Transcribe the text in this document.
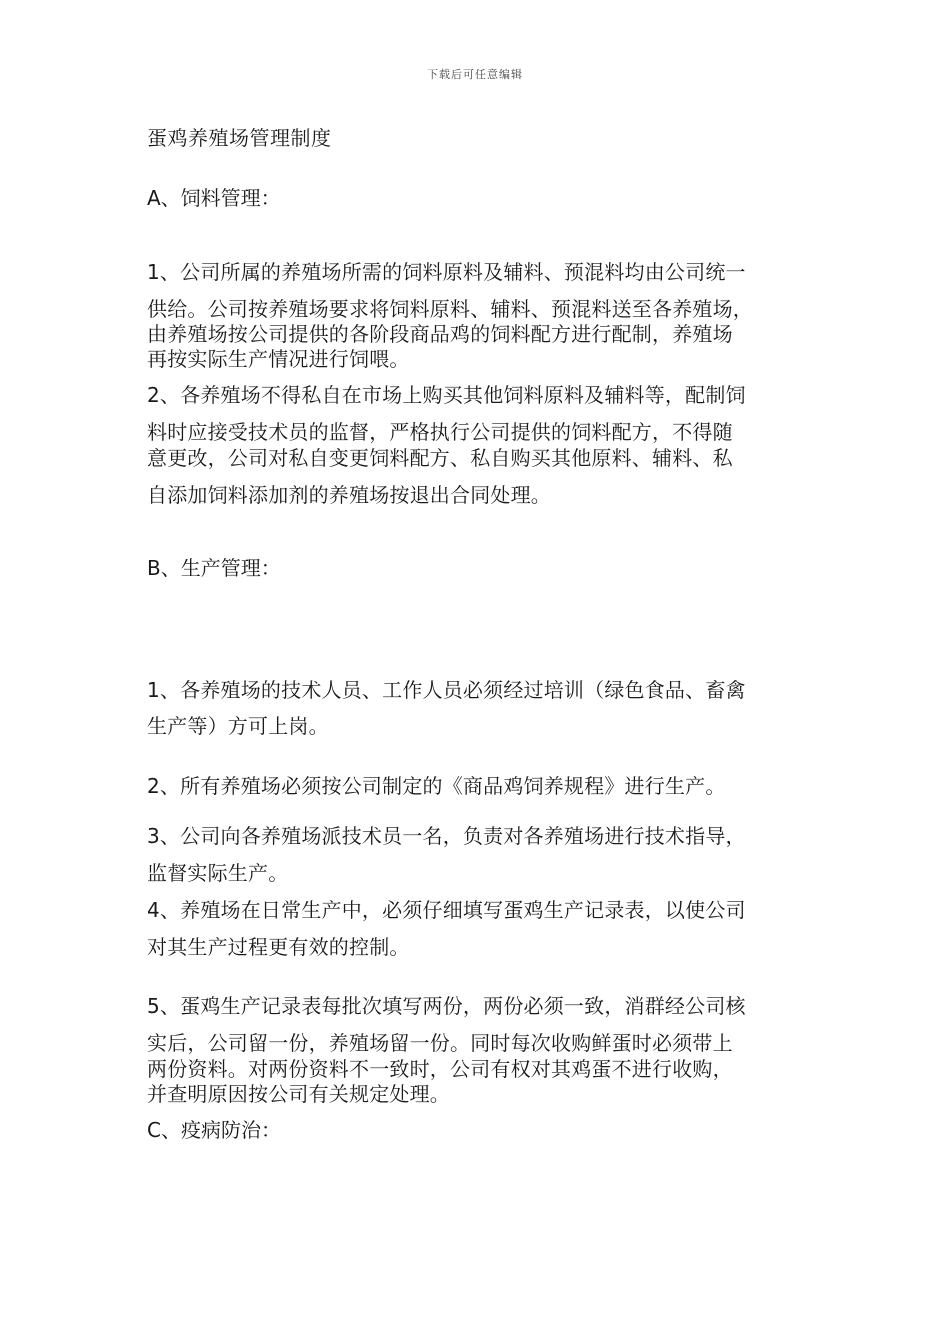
下载后可任意编辑
蛋鸡养殖场管理制度
A、饲料管理：
1、公司所属的养殖场所需的饲料原料及辅料、预混料均由公司统一
供给。公司按养殖场要求将饲料原料、辅料、预混料送至各养殖场，
由养殖场按公司提供的各阶段商品鸡的饲料配方进行配制，养殖场
再按实际生产情况进行饲喂。
2、各养殖场不得私自在市场上购买其他饲料原料及辅料等，配制饲
料时应接受技术员的监督，严格执行公司提供的饲料配方，不得随
意更改，公司对私自变更饲料配方、私自购买其他原料、辅料、私
自添加饲料添加剂的养殖场按退出合同处理。
B、生产管理：
1、各养殖场的技术人员、工作人员必须经过培训（绿色食品、畜禽
生产等）方可上岗。
2、所有养殖场必须按公司制定的《商品鸡饲养规程》进行生产。
3、公司向各养殖场派技术员一名，负责对各养殖场进行技术指导，
监督实际生产。
4、养殖场在日常生产中，必须仔细填写蛋鸡生产记录表，以使公司
对其生产过程更有效的控制。
5、蛋鸡生产记录表每批次填写两份，两份必须一致，消群经公司核
实后，公司留一份，养殖场留一份。同时每次收购鲜蛋时必须带上
两份资料。对两份资料不一致时，公司有权对其鸡蛋不进行收购，
并查明原因按公司有关规定处理。
C、疫病防治：
